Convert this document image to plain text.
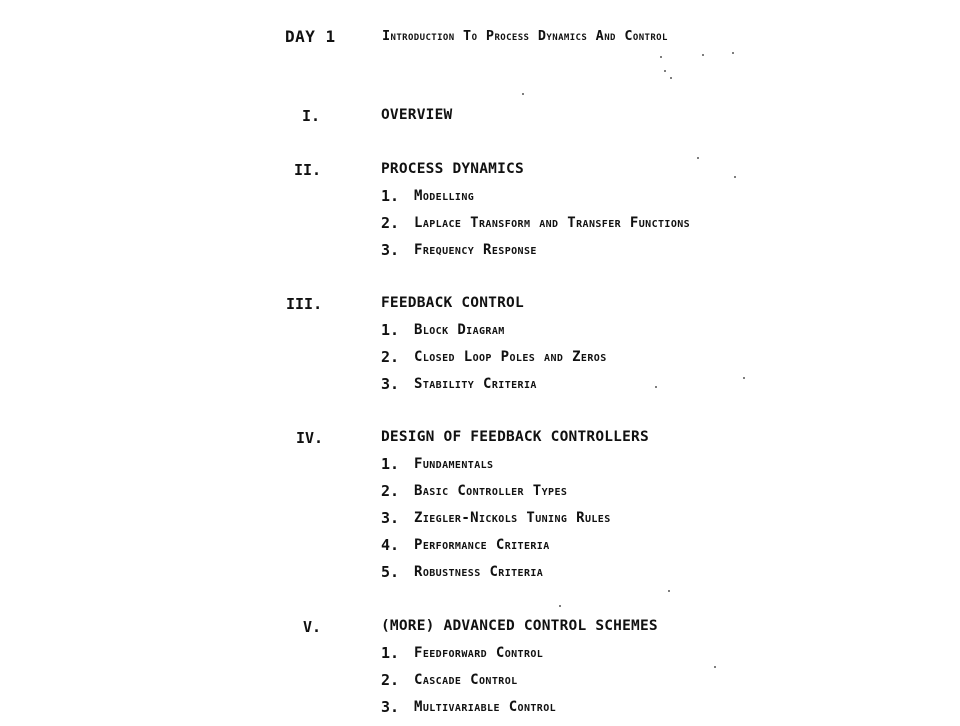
DAY 1	Introduction To Process Dynamics And Control
I.	OVERVIEW
II.	PROCESS DYNAMICS
1.	Modelling
2.	Laplace Transform and Transfer Functions
3.	Frequency Response
III.	FEEDBACK CONTROL
1.	Block Diagram
2.	Closed Loop Poles and Zeros
3.	Stability Criteria
IV.	DESIGN OF FEEDBACK CONTROLLERS
1.	Fundamentals
2.	Basic Controller Types
3.	Ziegler-Nickols Tuning Rules
4.	Performance Criteria
5.	Robustness Criteria
V.	(MORE) ADVANCED CONTROL SCHEMES
1.	Feedforward Control
2.	Cascade Control
3.	Multivariable Control
